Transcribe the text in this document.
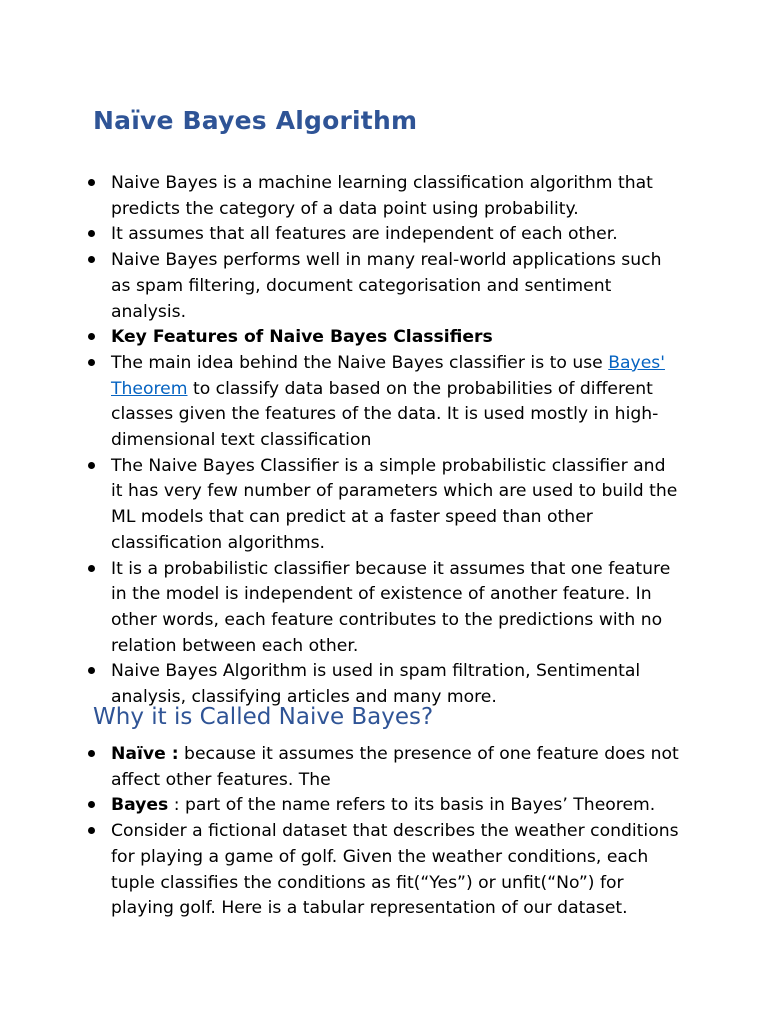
Naïve Bayes Algorithm
Naive Bayes is a machine learning classification algorithm that predicts the category of a data point using probability.
It assumes that all features are independent of each other.
Naive Bayes performs well in many real-world applications such as spam filtering, document categorisation and sentiment analysis.
Key Features of Naive Bayes Classifiers
The main idea behind the Naive Bayes classifier is to use Bayes' Theorem to classify data based on the probabilities of different classes given the features of the data. It is used mostly in high-dimensional text classification
The Naive Bayes Classifier is a simple probabilistic classifier and it has very few number of parameters which are used to build the ML models that can predict at a faster speed than other classification algorithms.
It is a probabilistic classifier because it assumes that one feature in the model is independent of existence of another feature. In other words, each feature contributes to the predictions with no relation between each other.
Naive Bayes Algorithm is used in spam filtration, Sentimental analysis, classifying articles and many more.
Why it is Called Naive Bayes?
Naïve : because it assumes the presence of one feature does not affect other features. The
Bayes : part of the name refers to its basis in Bayes’ Theorem.
Consider a fictional dataset that describes the weather conditions for playing a game of golf. Given the weather conditions, each tuple classifies the conditions as fit(“Yes”) or unfit(“No”) for playing golf. Here is a tabular representation of our dataset.
